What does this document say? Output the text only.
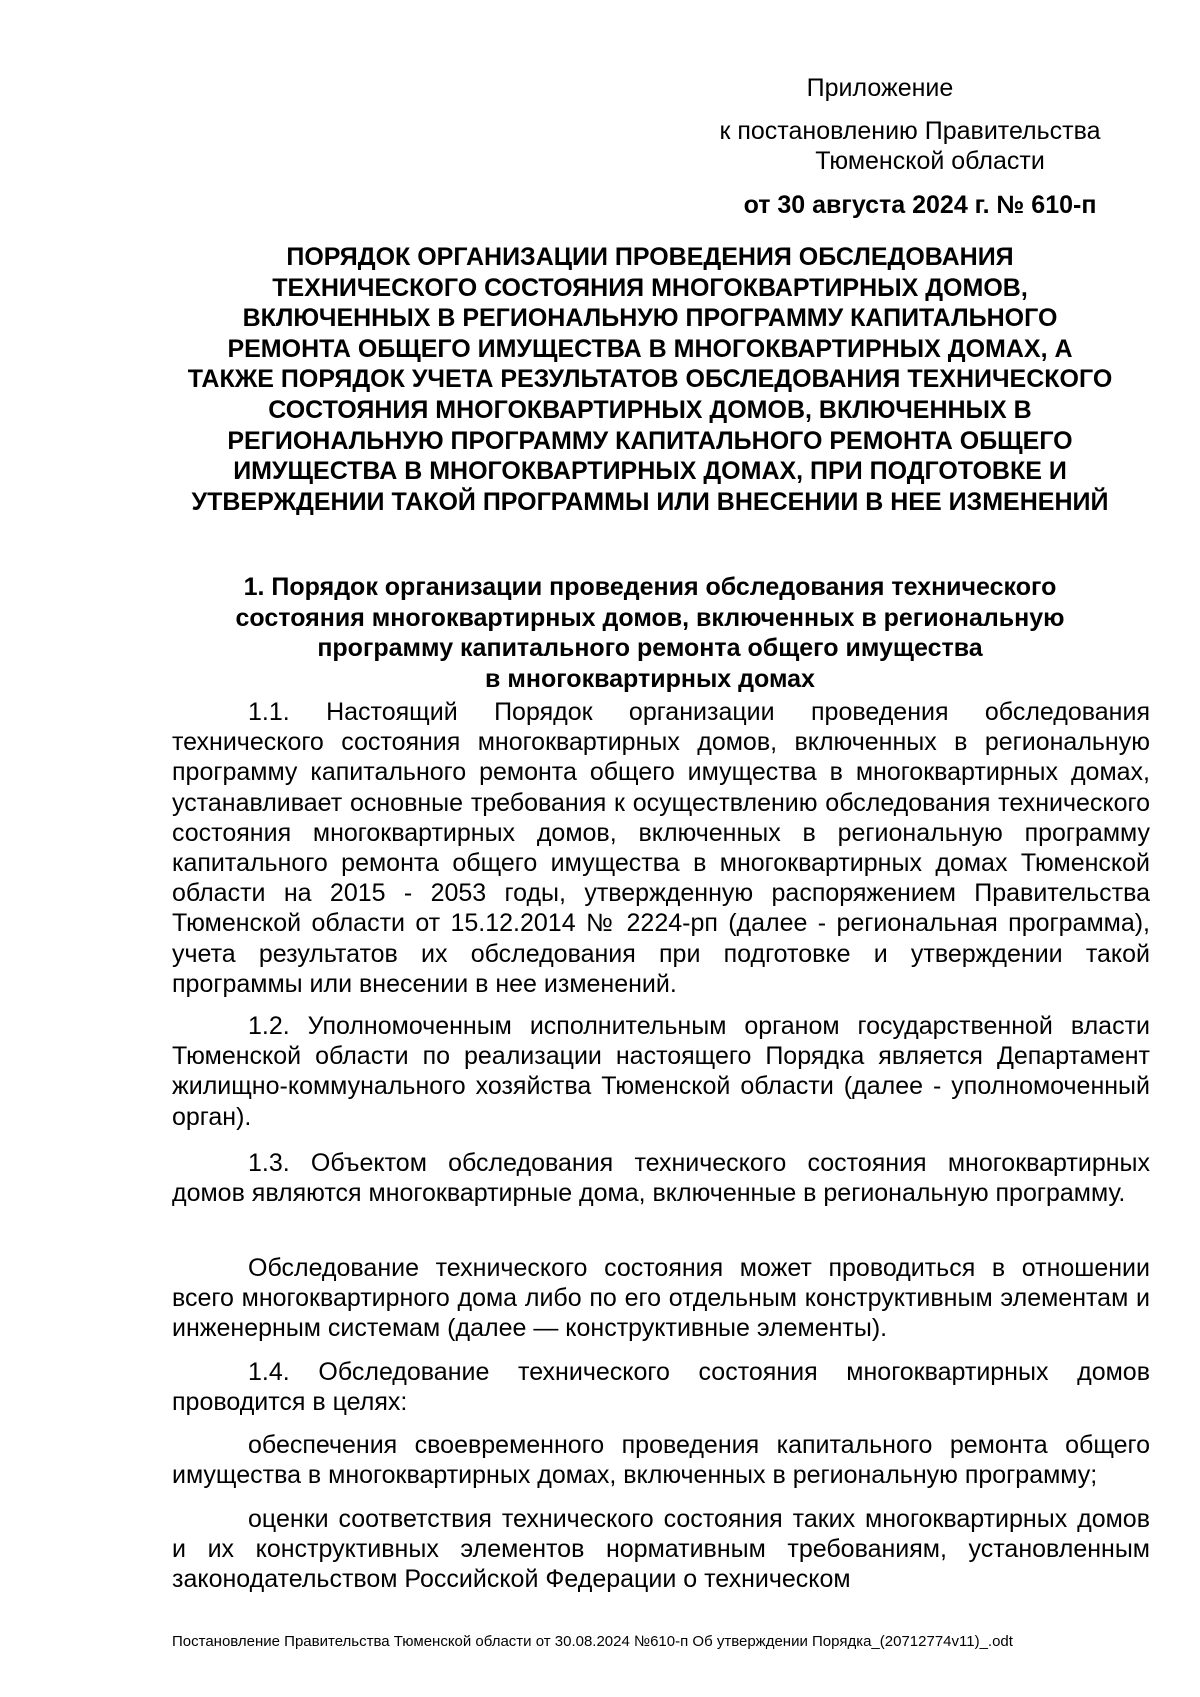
Приложение
к постановлению Правительства
Тюменской области
от 30 августа 2024 г. № 610-п
ПОРЯДОК ОРГАНИЗАЦИИ ПРОВЕДЕНИЯ ОБСЛЕДОВАНИЯ
ТЕХНИЧЕСКОГО СОСТОЯНИЯ МНОГОКВАРТИРНЫХ ДОМОВ,
ВКЛЮЧЕННЫХ В РЕГИОНАЛЬНУЮ ПРОГРАММУ КАПИТАЛЬНОГО
РЕМОНТА ОБЩЕГО ИМУЩЕСТВА В МНОГОКВАРТИРНЫХ ДОМАХ, А
ТАКЖЕ ПОРЯДОК УЧЕТА РЕЗУЛЬТАТОВ ОБСЛЕДОВАНИЯ ТЕХНИЧЕСКОГО
СОСТОЯНИЯ МНОГОКВАРТИРНЫХ ДОМОВ, ВКЛЮЧЕННЫХ В
РЕГИОНАЛЬНУЮ ПРОГРАММУ КАПИТАЛЬНОГО РЕМОНТА ОБЩЕГО
ИМУЩЕСТВА В МНОГОКВАРТИРНЫХ ДОМАХ, ПРИ ПОДГОТОВКЕ И
УТВЕРЖДЕНИИ ТАКОЙ ПРОГРАММЫ ИЛИ ВНЕСЕНИИ В НЕЕ ИЗМЕНЕНИЙ
1. Порядок организации проведения обследования технического
состояния многоквартирных домов, включенных в региональную
программу капитального ремонта общего имущества
в многоквартирных домах

1.1. Настоящий Порядок организации проведения обследования технического состояния многоквартирных домов, включенных в региональную программу капитального ремонта общего имущества в многоквартирных домах, устанавливает основные требования к осуществлению обследования технического состояния многоквартирных домов, включенных в региональную программу капитального ремонта общего имущества в многоквартирных домах Тюменской области на 2015 - 2053 годы, утвержденную распоряжением Правительства Тюменской области от 15.12.2014 № 2224-рп (далее - региональная программа), учета результатов их обследования при подготовке и утверждении такой программы или внесении в нее изменений.

1.2. Уполномоченным исполнительным органом государственной власти Тюменской области по реализации настоящего Порядка является Департамент жилищно-коммунального хозяйства Тюменской области (далее - уполномоченный орган).

1.3. Объектом обследования технического состояния многоквартирных домов являются многоквартирные дома, включенные в региональную программу.

Обследование технического состояния может проводиться в отношении всего многоквартирного дома либо по его отдельным конструктивным элементам и инженерным системам (далее — конструктивные элементы).

1.4. Обследование технического состояния многоквартирных домов проводится в целях:

обеспечения своевременного проведения капитального ремонта общего имущества в многоквартирных домах, включенных в региональную программу;

оценки соответствия технического состояния таких многоквартирных домов и их конструктивных элементов нормативным требованиям, установленным законодательством Российской Федерации о техническом

Постановление Правительства Тюменской области от 30.08.2024 №610-п Об утверждении Порядка_(20712774v11)_.odt
